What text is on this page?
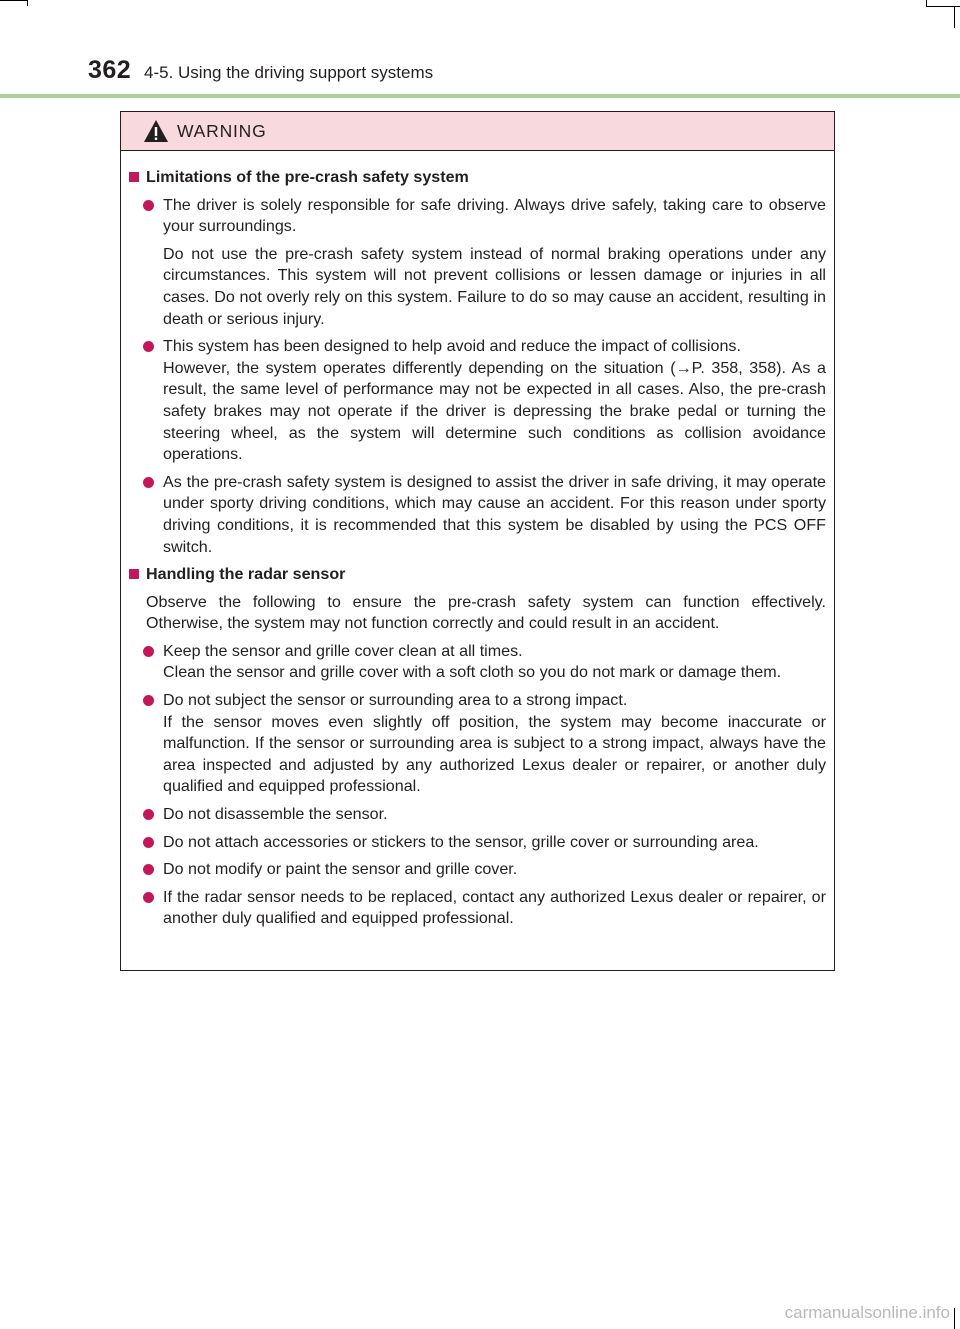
362 4-5. Using the driving support systems
WARNING
Limitations of the pre-crash safety system

The driver is solely responsible for safe driving. Always drive safely, taking care to observe your surroundings.

Do not use the pre-crash safety system instead of normal braking operations under any circumstances. This system will not prevent collisions or lessen damage or injuries in all cases. Do not overly rely on this system. Failure to do so may cause an accident, resulting in death or serious injury.

This system has been designed to help avoid and reduce the impact of collisions.

However, the system operates differently depending on the situation (→P. 358, 358). As a result, the same level of performance may not be expected in all cases. Also, the pre-crash safety brakes may not operate if the driver is depressing the brake pedal or turning the steering wheel, as the system will determine such conditions as collision avoidance operations.

As the pre-crash safety system is designed to assist the driver in safe driving, it may operate under sporty driving conditions, which may cause an accident. For this reason under sporty driving conditions, it is recommended that this system be disabled by using the PCS OFF switch.

Handling the radar sensor
Observe the following to ensure the pre-crash safety system can function effectively. Otherwise, the system may not function correctly and could result in an accident.

Keep the sensor and grille cover clean at all times.

Clean the sensor and grille cover with a soft cloth so you do not mark or damage them.

Do not subject the sensor or surrounding area to a strong impact.

If the sensor moves even slightly off position, the system may become inaccurate or malfunction. If the sensor or surrounding area is subject to a strong impact, always have the area inspected and adjusted by any authorized Lexus dealer or repairer, or another duly qualified and equipped professional.

Do not disassemble the sensor.

Do not attach accessories or stickers to the sensor, grille cover or surrounding area.

Do not modify or paint the sensor and grille cover.

If the radar sensor needs to be replaced, contact any authorized Lexus dealer or repairer, or another duly qualified and equipped professional.

carmanualsonline.info
